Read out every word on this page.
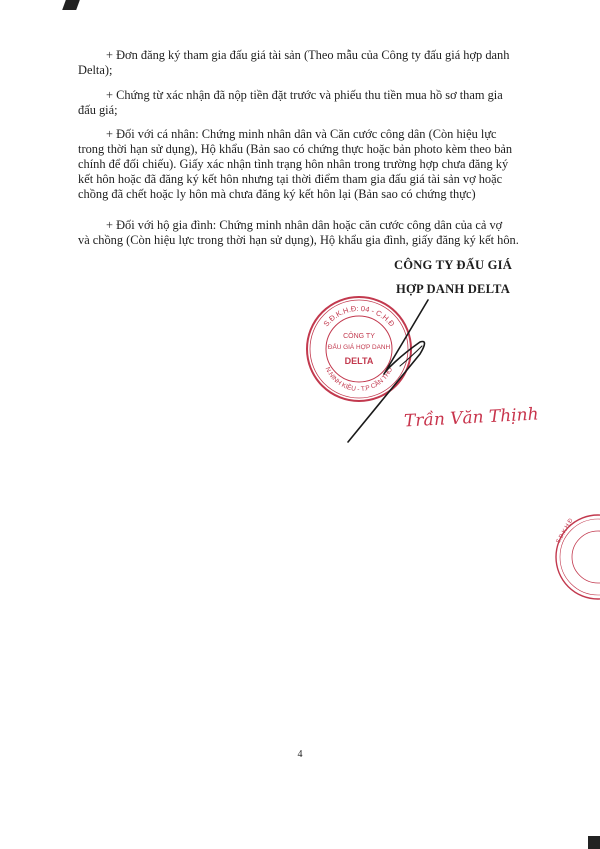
+ Đơn đăng ký tham gia đấu giá tài sản (Theo mẫu của Công ty đấu giá hợp danh
Delta);
+ Chứng từ xác nhận đã nộp tiền đặt trước và phiếu thu tiền mua hồ sơ tham gia
đấu giá;
+ Đối với cá nhân: Chứng minh nhân dân và Căn cước công dân (Còn hiệu lực
trong thời hạn sử dụng), Hộ khẩu (Bản sao có chứng thực hoặc bản photo kèm theo bản
chính để đối chiếu). Giấy xác nhận tình trạng hôn nhân trong trường hợp chưa đăng ký
kết hôn hoặc đã đăng ký kết hôn nhưng tại thời điểm tham gia đấu giá tài sản vợ hoặc
chồng đã chết hoặc ly hôn mà chưa đăng ký kết hôn lại (Bản sao có chứng thực)
+ Đối với hộ gia đình: Chứng minh nhân dân hoặc căn cước công dân của cả vợ
và chồng (Còn hiệu lực trong thời hạn sử dụng), Hộ khẩu gia đình, giấy đăng ký kết hôn.
CÔNG TY ĐẤU GIÁ
HỢP DANH DELTA
S.Đ.K.H.Đ: 04 - C.H.Đ
N.NINH KIỀU - T.P CẦN THƠ
CÔNG TY
ĐẤU GIÁ HỢP DANH
DELTA
Trần Văn Thịnh
S.Đ.K.H.Đ
4
